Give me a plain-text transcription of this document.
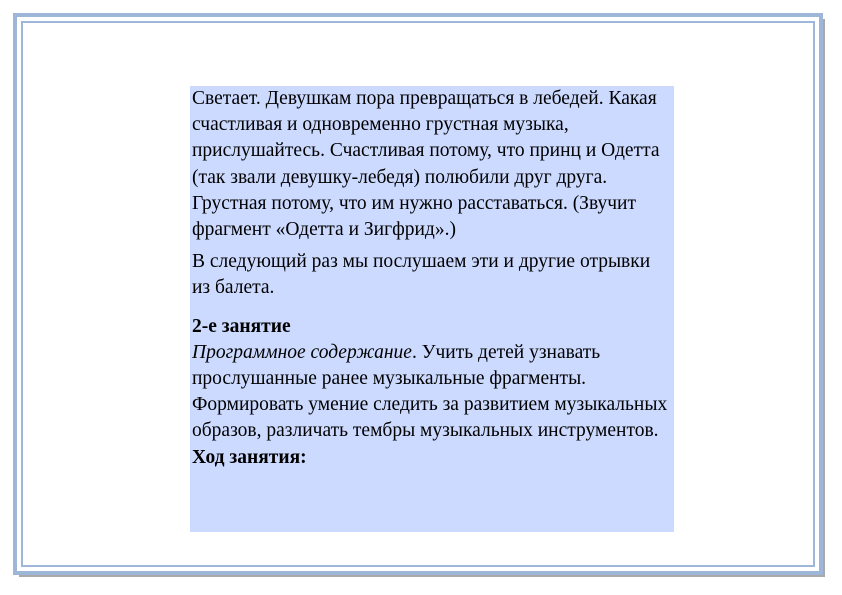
Светает. Девушкам пора превращаться в лебедей. Какая счастливая и одновременно грустная музыка, прислушайтесь. Счастливая потому, что принц и Одетта (так звали девушку-лебедя) полюбили друг друга. Грустная потому, что им нужно расставаться. (Звучит фрагмент «Одетта и Зигфрид».)

В следующий раз мы послушаем эти и другие отрывки из балета.

2-е занятие

Программное содержание. Учить детей узнавать прослушанные ранее музыкальные фрагменты. Формировать умение следить за развитием музыкальных образов, различать тембры музыкальных инструментов.

Ход занятия:
